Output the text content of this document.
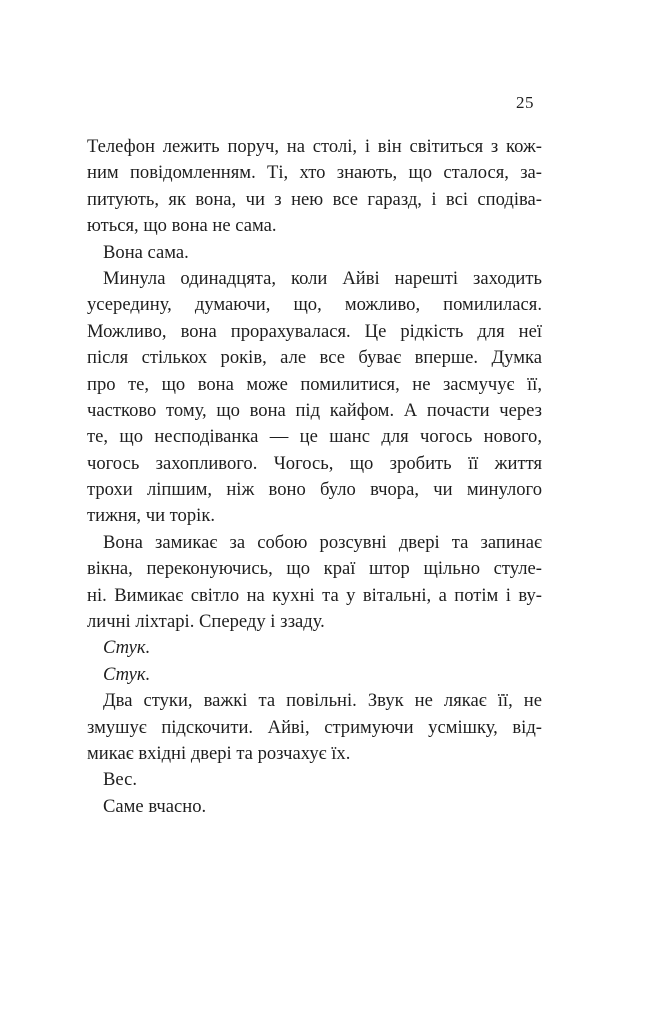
25
Телефон лежить поруч, на столі, і він світиться з кож-
ним повідомленням. Ті, хто знають, що сталося, за-
питують, як вона, чи з нею все гаразд, і всі сподіва-
ються, що вона не сама.
Вона сама.
Минула одинадцята, коли Айві нарешті заходить
усередину, думаючи, що, можливо, помилилася.
Можливо, вона прорахувалася. Це рідкість для неї
після стількох років, але все буває вперше. Думка
про те, що вона може помилитися, не засмучує її,
частково тому, що вона під кайфом. А почасти через
те, що несподіванка — це шанс для чогось нового,
чогось захопливого. Чогось, що зробить її життя
трохи ліпшим, ніж воно було вчора, чи минулого
тижня, чи торік.
Вона замикає за собою розсувні двері та запинає
вікна, переконуючись, що краї штор щільно стуле-
ні. Вимикає світло на кухні та у вітальні, а потім і ву-
личні ліхтарі. Спереду і ззаду.
Стук.
Стук.
Два стуки, важкі та повільні. Звук не лякає її, не
змушує підскочити. Айві, стримуючи усмішку, від-
микає вхідні двері та розчахує їх.
Вес.
Саме вчасно.
